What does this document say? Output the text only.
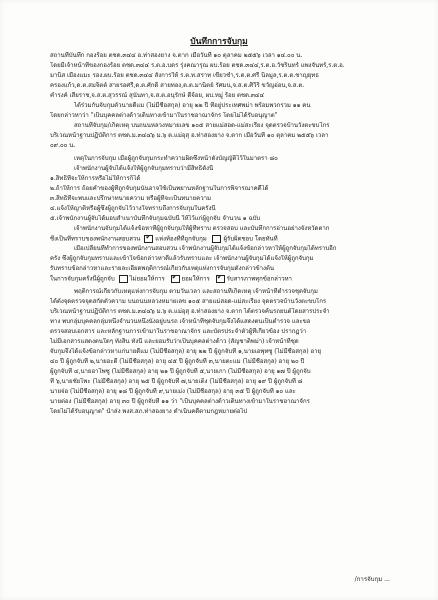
บันทึกการจับกุม
สถานที่บันทึก กองร้อย ตชด.๓๔๔ อ.ท่าสองยาง จ.ตาก เมื่อวันที่ ๑๐ ตุลาคม ๒๕๕๖ เวลา ๑๔.๐๐ น.
โดยมีเจ้าหน้าที่ของกองร้อย ตชด.๓๔๔ ร.ต.อ.บดร รุ่งคณารุณ ผบ.ร้อย ตชด.๓๔๔,ร.ต.อ.วัชรินทร์ แพงจันทร์,ร.ต.อ.
มานิส เมืองแมะ รอง.ผบ.ร้อย ตชด.๓๔๔ สังการให้ ร.ต.ท.สราท เขียวชำ,ร.ต.ต.ศรี นิลมูล,ร.ต.ต.ชาญยุทธ
ครองแก้ว,ด.ต.สมจิตต์ สายรอศรี,ด.ต.ศักดิ์ สายทอง,ด.ต.มานิตย์ รัศมน,จ.ส.ต.ศิวิริ ขวัญอ่อน,จ.ส.ต.
คำรงค์ เสียราช,จ.ส.ต.สุวรรณ์ สุนันทา,จ.ส.ต.อนุรักษ์ ดีจ้อย, ผบ.หมู่ ร้อย ตชด.๓๔๔
ได้ร่วมกันจับกุมตัวนายดีแม (ไม่มีชื่อสกุล) อายุ ๒๒ ปี ที่อยู่ประเทศพม่า พร้อมพวกรวม ๑๑ คน
โดยกล่าวหาว่า "เป็นบุคคลต่างด้าวเดินทางเข้ามาในราชอาณาจักร โดยไม่ได้รับอนุญาต"
สถานที่จับกุม/เกิดเหตุ บนถนนหลวงหมายเลข ๑๐๕ สายแม่สอด-แม่สะเรียง จุดตรวจบ้านวังตะขบโกร
บริเวณหน้าฐานปฏิบัติการ ตชด.ม.๓๔๔๖ ม.๖ ต.แม่อุสุ อ.ท่าสองยาง จ.ตาก เมื่อวันที่ ๑๐ ตุลาคม ๒๕๕๖ เวลา
๐๙.๐๐ น.
เหตุในการจับกุม เมื่อผู้ถูกจับกุมกระทำความผิดซึ่งหน้าดังบัญญัติไว้ในมาตรา ๘๐
เจ้าพนักงานผู้จับได้แจ้งให้ผู้ถูกจับกุมทราบว่ามีสิทธิดังนี้
๑.สิทธิที่จะให้การหรือไม่ให้การก็ได้
๒.ถ้าให้การ ถ้อยคำของผู้ที่ถูกจับกุมนั้นอาจใช้เป็นพยานหลักฐานในการพิจารณาคดีได้
๓.สิทธิที่จะพบและปรึกษาทนายความ หรือผู้ที่จะเป็นทนายความ
๔.แจ้งให้ญาติหรือผู้ซึ่งผู้ถูกจับไว้วางใจทราบถึงการจับกุมในครั้งนี้
๕.เจ้าพนักงานผู้จับได้มอบสำเนาบันทึกจับกุมฉบับนี้ ให้ไว้แก่ผู้ถูกจับ จำนวน ๑ ฉบับ
เจ้าพนักงานจับกุมได้แจ้งข้อหาที่ผู้ถูกจับกุมให้ผู้ที่ทราบ ตรวจสอบ และบันทึกการอ่านอย่างจังหวัดตาก
ซึ่งเป็นที่ทราบของพนักงานสอบสวน ✓ แห่งท้องที่ที่ถูกจับกุม	ผู้รับผิดชอบ โดยทันที
เมื่อเปลี่ยนที่ทำการของพนักงานสอบสวน เจ้าพนักงานผู้จับกุมได้แจ้งข้อกล่าวหาให้ผู้ถูกจับกุมได้ทราบอีก
ครั้ง ซึ่งผู้ถูกจับกุมทราบและเข้าใจข้อกล่าวหาดีแล้วรับทราบและ เจ้าพนักงานผู้จับกุมได้แจ้งให้ผู้ถูกจับกุม
รับทราบข้อกล่าวหาและรายละเอียดพฤติการณ์เกี่ยวกับเหตุแห่งการจับกุมดังกล่าวข้างต้น
ในการจับกุมครั้งนี้ผู้ถูกจับ ไม่ยอมให้การ ✓	ยอมให้การ ✓	รับสารภาพทุกข้อกล่าวหา
พฤติการณ์เกี่ยวกับเหตุแห่งการจับกุม ตามวันเวลา และสถานที่เกิดเหตุ เจ้าหน้าที่ตำรวจชุดจับกุม
ได้ตั้งจุดตรวจจุดสกัดตัวความ บนถนนหลวงหมายเลข ๑๐๕ สายแม่สอด-แม่สะเรียง จุดตรวจบ้านวังตะขบโกร
บริเวณหน้าฐานปฏิบัติการ ตชด.ม.๓๔๔๖ ม.๖ ต.แม่อุสุ อ.ท่าสองยาง จ.ตาก ได้ตรวจค้นรถยนต์โดยสารประจำ
ทาง พบกลุ่มบุคคลกลุ่มหนึ่งจำนวนหนึ่งนั่งอยู่บนรถ เจ้าหน้าที่ชุดจับกุมจึงได้แสดงตนเป็นตำรวจ และขอ
ตรวจสอบเอกสาร และหลักฐานการเข้ามาในราชอาณาจักร และบัตรประจำตัวผู้ที่เกี่ยวข้อง ปรากฏว่า
ไม่มีเอกสารแสดงตนใดๆ ทั้งสิ้น ทั้งนี้ และยอมรับว่าเป็นบุคคลต่างด้าว (สัญชาติพม่า) เจ้าหน้าที่ชุด
จับกุมจึงได้แจ้งข้อกล่าวหาแก่นายดีแม (ไม่มีชื่อสกุล) อายุ ๒๒ ปี ผู้ถูกจับที่ ๑,นายเอพุทซู (ไม่มีชื่อสกุล) อายุ
๔๐ ปี ผู้ถูกจับที่ ๒,นายอะตี (ไม่มีชื่อสกุล) อายุ ๔๕ ปี ผู้ถูกจับที่ ๓,นายตะแม (ไม่มีชื่อสกุล) อายุ ๒๐ ปี
ผู้ถูกจับที่ ๔,นายอาโพซู (ไม่มีชื่อสกุล) อายุ ๒๑ ปี ผู้ถูกจับที่ ๕,นายเกา (ไม่มีชื่อสกุล) อายุ ๑๗ ปี ผู้ถูกจับ
ที่ ๖,นายชัยโพะ (ไม่มีชื่อสกุล) อายุ ๒๕ ปี ผู้ถูกจับที่ ๗,นายเต็ง (ไม่มีชื่อสกุล) อายุ ๑๙ ปี ผู้ถูกจับที่ ๘
นายจ่อ (ไม่มีชื่อสกุล) อายุ ๑๘ ปี ผู้ถูกจับที่ ๙,นายเม่ง (ไม่มีชื่อสกุล) อายุ ๓๕ ปี ผู้ถูกจับที่ ๑๐ และ
นายต่อง (ไม่มีชื่อสกุล) อายุ ๓๐ ปี ผู้ถูกจับที่ ๑๑ ว่า "เป็นบุคคลต่างด้าวเดินทางเข้ามาในราชอาณาจักร
โดยไม่ได้รับอนุญาต" นำส่ง พงส.สภ.ท่าสองยาง ดำเนินคดีตามกฎหมายต่อไป
/การจับกุม ...
